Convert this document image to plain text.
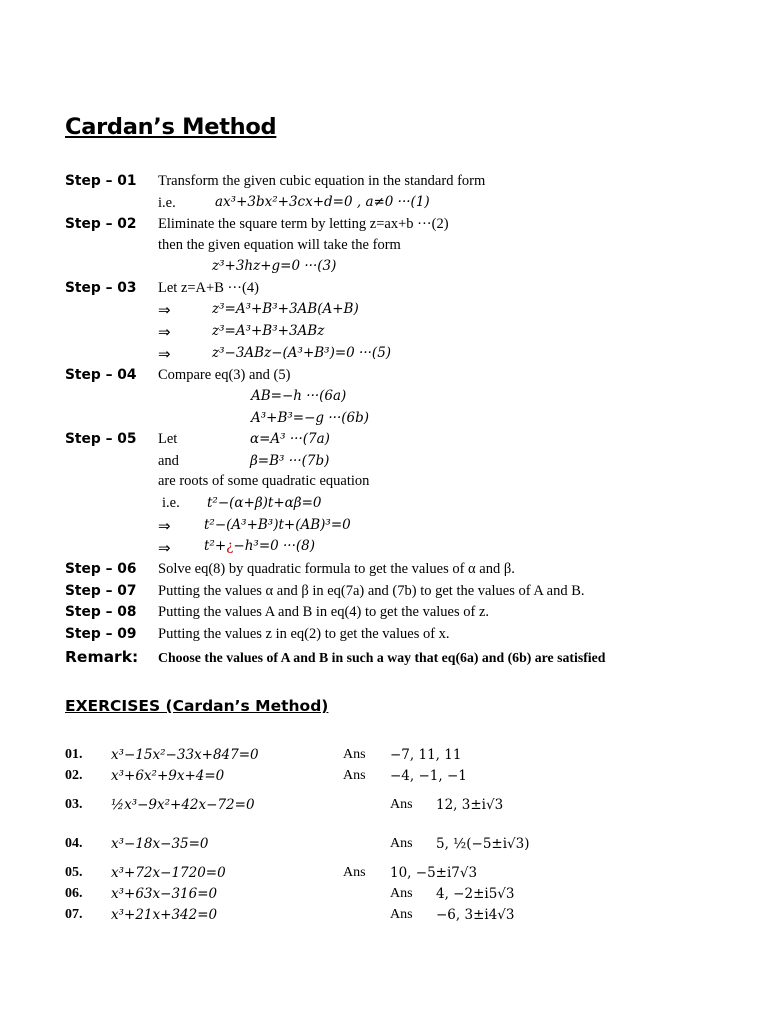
Cardan’s Method
Step – 01 Transform the given cubic equation in the standard form
i.e.	ax³+3bx²+3cx+d=0 , a≠0 ···(1)
Step – 02 Eliminate the square term by letting z=ax+b ···(2)
then the given equation will take the form
z³+3hz+g=0 ···(3)
Step – 03 Let z=A+B ···(4)
⇒	z³=A³+B³+3AB(A+B)
⇒	z³=A³+B³+3ABz
⇒	z³−3ABz−(A³+B³)=0 ···(5)
Step – 04 Compare eq(3) and (5)
AB=−h ···(6a)
A³+B³=−g ···(6b)
Step – 05 Let	α=A³ ···(7a)
and	β=B³ ···(7b)
are roots of some quadratic equation
i.e. t²−(α+β)t+αβ=0
⇒ t²−(A³+B³)t+(AB)³=0
⇒ t²+¿−h³=0 ···(8)
Step – 06 Solve eq(8) by quadratic formula to get the values of α and β.
Step – 07 Putting the values α and β in eq(7a) and (7b) to get the values of A and B.
Step – 08 Putting the values A and B in eq(4) to get the values of z.
Step – 09 Putting the values z in eq(2) to get the values of x.
Remark: Choose the values of A and B in such a way that eq(6a) and (6b) are satisfied
EXERCISES (Cardan’s Method)
01. x³−15x²−33x+847=0	Ans −7, 11, 11
02. x³+6x²+9x+4=0	Ans −4, −1, −1
03. ½x³−9x²+42x−72=0	Ans 12, 3±i√3
04. x³−18x−35=0	Ans 5, ½(−5±i√3)
05. x³+72x−1720=0	Ans 10, −5±i7√3
06. x³+63x−316=0	Ans 4, −2±i5√3
07. x³+21x+342=0	Ans −6, 3±i4√3
